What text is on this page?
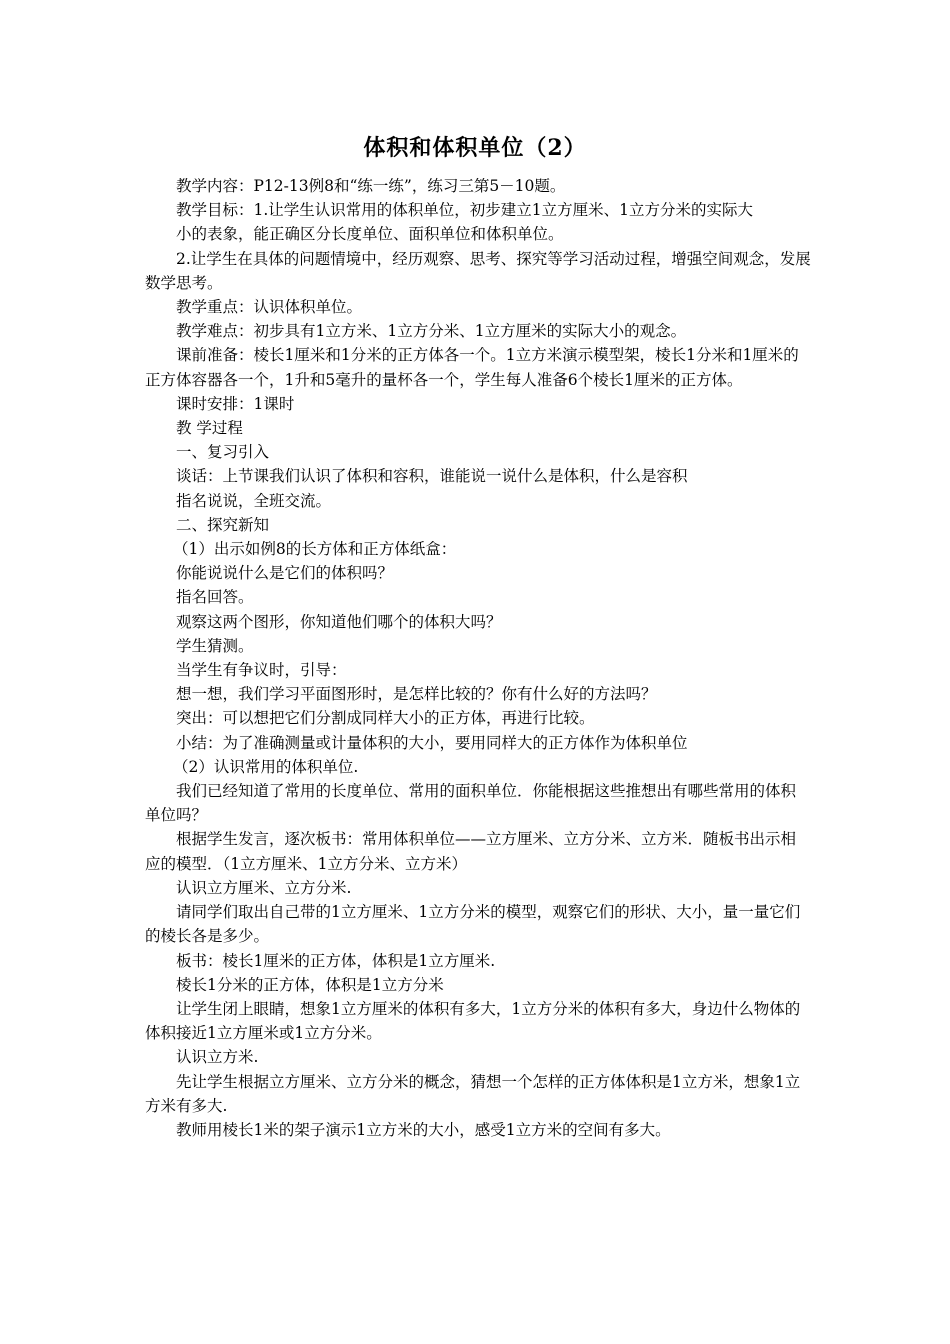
体积和体积单位（2）

教学内容：P12-13例8和“练一练”，练习三第5－10题。

教学目标：1.让学生认识常用的体积单位，初步建立1立方厘米、1立方分米的实际大

小的表象，能正确区分长度单位、面积单位和体积单位。

2.让学生在具体的问题情境中，经历观察、思考、探究等学习活动过程，增强空间观念，发展数学思考。

教学重点：认识体积单位。

教学难点：初步具有1立方米、1立方分米、1立方厘米的实际大小的观念。

课前准备：棱长1厘米和1分米的正方体各一个。1立方米演示模型架，棱长1分米和1厘米的正方体容器各一个，1升和5毫升的量杯各一个，学生每人准备6个棱长1厘米的正方体。

课时安排：1课时

教 学过程

一、复习引入

谈话：上节课我们认识了体积和容积，谁能说一说什么是体积，什么是容积

指名说说，全班交流。

二、探究新知

（1）出示如例8的长方体和正方体纸盒：

你能说说什么是它们的体积吗？

指名回答。

观察这两个图形，你知道他们哪个的体积大吗？

学生猜测。

当学生有争议时，引导：

想一想，我们学习平面图形时，是怎样比较的？你有什么好的方法吗？

突出：可以想把它们分割成同样大小的正方体，再进行比较。

小结：为了准确测量或计量体积的大小，要用同样大的正方体作为体积单位

（2）认识常用的体积单位.

我们已经知道了常用的长度单位、常用的面积单位．你能根据这些推想出有哪些常用的体积单位吗？

根据学生发言，逐次板书：常用体积单位——立方厘米、立方分米、立方米．随板书出示相应的模型．（1立方厘米、1立方分米、立方米）

认识立方厘米、立方分米.

请同学们取出自己带的1立方厘米、1立方分米的模型，观察它们的形状、大小，量一量它们的棱长各是多少。

板书：棱长1厘米的正方体，体积是1立方厘米.

棱长1分米的正方体，体积是1立方分米

让学生闭上眼睛，想象1立方厘米的体积有多大，1立方分米的体积有多大，身边什么物体的体积接近1立方厘米或1立方分米。

认识立方米.

先让学生根据立方厘米、立方分米的概念，猜想一个怎样的正方体体积是1立方米，想象1立方米有多大.

教师用棱长1米的架子演示1立方米的大小，感受1立方米的空间有多大。
